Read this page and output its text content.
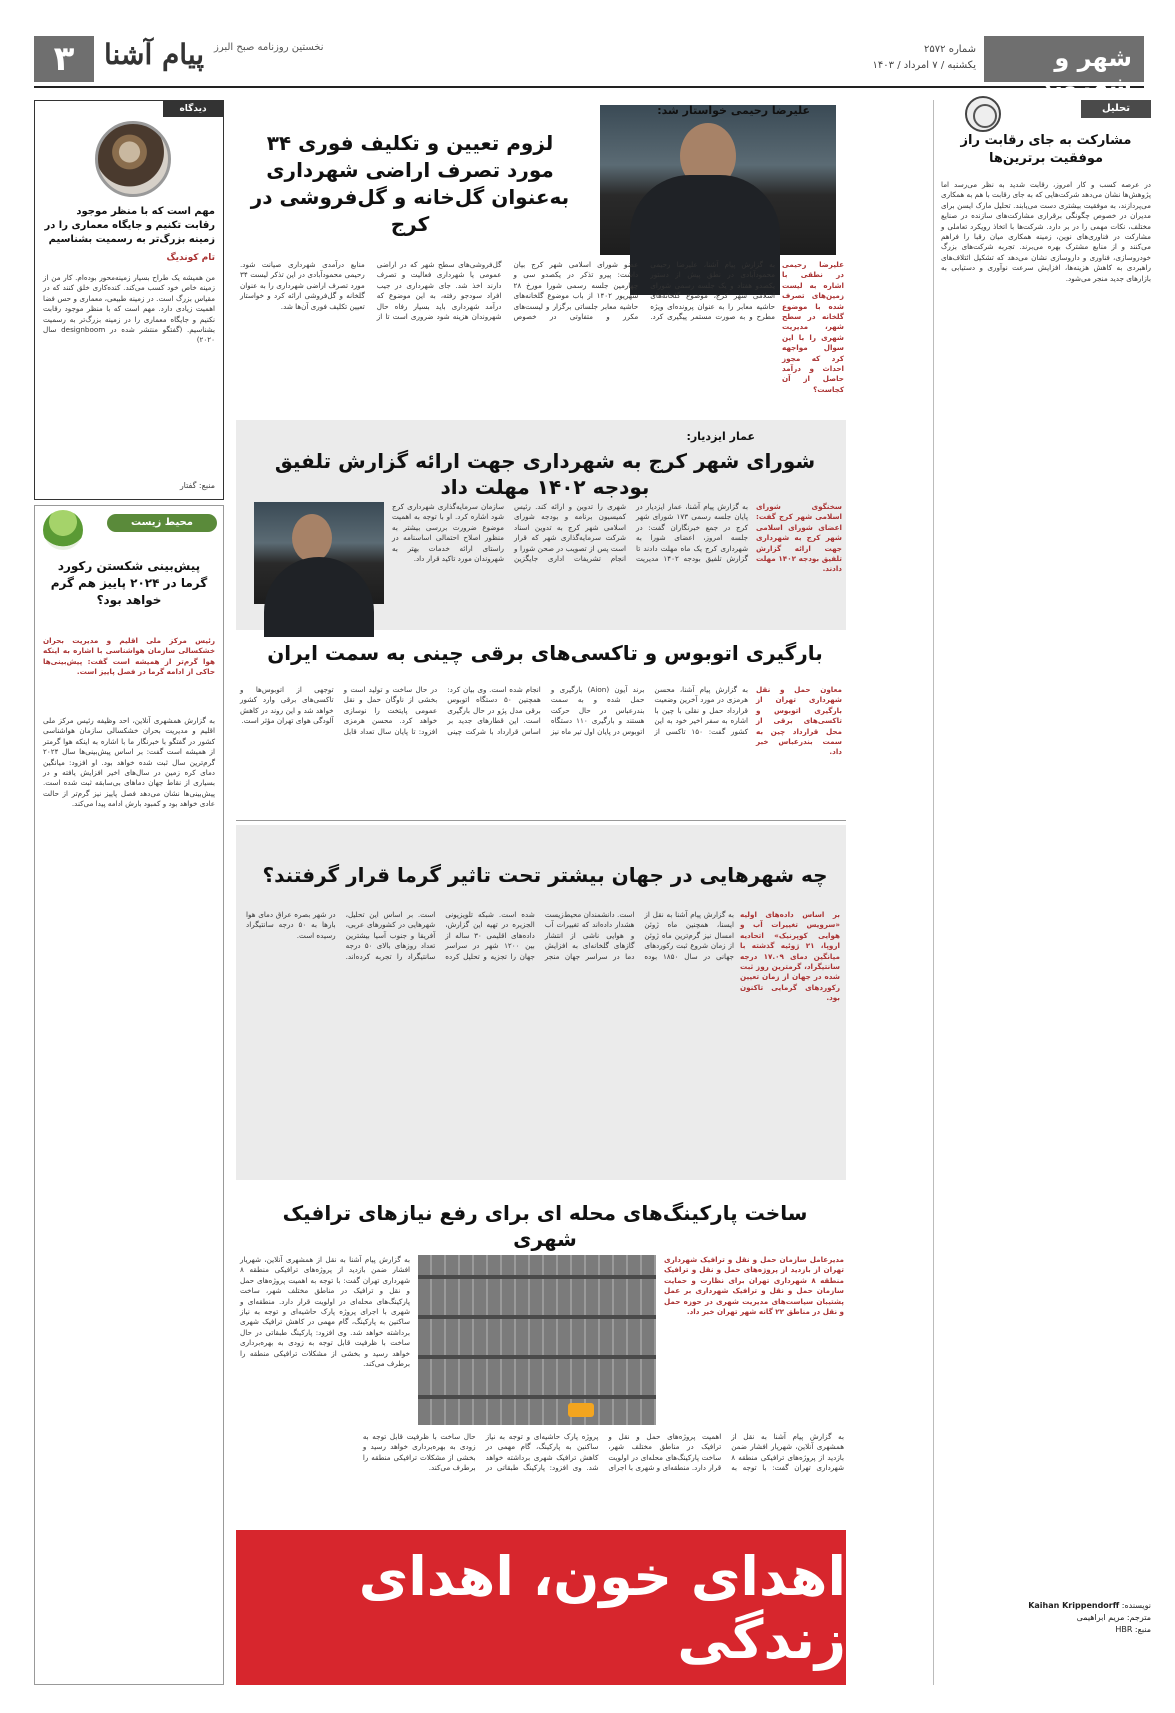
شهر و شهروند
شماره ۲۵۷۲
یکشنبه / ۷ امرداد / ۱۴۰۳
نخستین روزنامه صبح البرز
پیام آشنا
۳
تحلیل
مشارکت به جای رقابت راز موفقیت برترین‌ها
در عرصه کسب و کار امروز، رقابت شدید به نظر می‌رسد اما پژوهش‌ها نشان می‌دهد شرکت‌هایی که به جای رقابت با هم به همکاری می‌پردازند، به موفقیت بیشتری دست می‌یابند. تحلیل مارک ایسن برای مدیران در خصوص چگونگی برقراری مشارکت‌های سازنده در صنایع مختلف، نکات مهمی را در بر دارد. شرکت‌ها با اتخاذ رویکرد تعاملی و مشارکت در فناوری‌های نوین، زمینه همکاری میان رقبا را فراهم می‌کنند و از منابع مشترک بهره می‌برند. تجربه شرکت‌های بزرگ خودروسازی، فناوری و داروسازی نشان می‌دهد که تشکیل ائتلاف‌های راهبردی به کاهش هزینه‌ها، افزایش سرعت نوآوری و دستیابی به بازارهای جدید منجر می‌شود.
نویسنده: Kaihan Krippendorff
مترجم: مریم ابراهیمی
منبع: HBR
دیدگاه
مهم است که با منظر موجود رقابت تکنیم و جایگاه معماری را در زمینه بزرگ‌تر به رسمیت بشناسیم
تام کوندیگ
من همیشه یک طراح بسیار زمینه‌محور بوده‌ام. کار من از زمینه خاص خود کسب می‌کند. کنده‌کاری خلق کنند که در مقیاس بزرگ است. در زمینه طبیعی، معماری و حس فضا اهمیت زیادی دارد. مهم است که با منظر موجود رقابت نکنیم و جایگاه معماری را در زمینه بزرگ‌تر به رسمیت بشناسیم. (گفتگو منتشر شده در designboom سال ۲۰۲۰)
منبع: گفتار
محیط زیست
پیش‌بینی شکستن رکورد گرما در ۲۰۲۴ پاییز هم گرم خواهد بود؟
رئیس مرکز ملی اقلیم و مدیریت بحران خشکسالی سازمان هواشناسی با اشاره به اینکه هوا گرم‌تر از همیشه است گفت: پیش‌بینی‌ها حاکی از ادامه گرما در فصل پاییز است.
به گزارش همشهری آنلاین، احد وظیفه رئیس مرکز ملی اقلیم و مدیریت بحران خشکسالی سازمان هواشناسی کشور در گفتگو با خبرنگار ما با اشاره به اینکه هوا گرمتر از همیشه است گفت: بر اساس پیش‌بینی‌ها سال ۲۰۲۴ گرم‌ترین سال ثبت شده خواهد بود. او افزود: میانگین دمای کره زمین در سال‌های اخیر افزایش یافته و در بسیاری از نقاط جهان دماهای بی‌سابقه ثبت شده است. پیش‌بینی‌ها نشان می‌دهد فصل پاییز نیز گرم‌تر از حالت عادی خواهد بود و کمبود بارش ادامه پیدا می‌کند.
علیرضا رحیمی خواستار شد:
لزوم تعیین و تکلیف فوری ۳۴ مورد تصرف اراضی شهرداری به‌عنوان گل‌خانه و گل‌فروشی در کرج
علیرضا رحیمی در نطقی با اشاره به لیست زمین‌های تصرف شده با موضوع گلخانه در سطح شهر، مدیریت شهری را با این سوال مواجهه کرد که مجوز احداث و درآمد حاصل از آن کجاست؟
به گزارش پیام آشنا، علیرضا رحیمی محمودآبادی در نطق پیش از دستور یکصدو هفتاد و یک جلسه رسمی شورای اسلامی شهر کرج، موضوع گلخانه‌های حاشیه معابر را به عنوان پرونده‌ای ویژه مطرح و به صورت مستمر پیگیری کرد. عضو شورای اسلامی شهر کرج بیان داشت: پیرو تذکر در یکصدو سی و چهارمین جلسه رسمی شورا مورخ ۲۸ شهریور ۱۴۰۲ از باب موضوع گلخانه‌های حاشیه معابر جلساتی برگزار و لیست‌های مکرر و متفاوتی در خصوص گل‌فروشی‌های سطح شهر که در اراضی عمومی یا شهرداری فعالیت و تصرف دارند اخذ شد. جای شهرداری در جیب افراد سودجو رفته، به این موضوع که درآمد شهرداری باید بسیار رفاه حال شهروندان هزینه شود ضروری است تا از منابع درآمدی شهرداری صیانت شود. رحیمی محمودآبادی در این تذکر لیست ۳۴ مورد تصرف اراضی شهرداری را به عنوان گلخانه و گل‌فروشی ارائه کرد و خواستار تعیین تکلیف فوری آن‌ها شد.
عمار ایزدیار:
شورای شهر کرج به شهرداری جهت ارائه گزارش تلفیق بودجه ۱۴۰۲ مهلت داد
سخنگوی شورای اسلامی شهر کرج گفت: اعضای شورای اسلامی شهر کرج به شهرداری جهت ارائه گزارش تلفیق بودجه ۱۴۰۲ مهلت دادند.
به گزارش پیام آشنا، عمار ایزدیار در پایان جلسه رسمی ۱۷۳ شورای شهر کرج در جمع خبرنگاران گفت: در جلسه امروز، اعضای شورا به شهرداری کرج یک ماه مهلت دادند تا گزارش تلفیق بودجه ۱۴۰۲ مدیریت شهری را تدوین و ارائه کند. رئیس کمیسیون برنامه و بودجه شورای اسلامی شهر کرج به تدوین اسناد شرکت سرمایه‌گذاری شهر که قرار است پس از تصویب در صحن شورا و انجام تشریفات اداری جایگزین سازمان سرمایه‌گذاری شهرداری کرج شود اشاره کرد. او با توجه به اهمیت موضوع ضرورت بررسی بیشتر به منظور اصلاح احتمالی اساسنامه در راستای ارائه خدمات بهتر به شهروندان مورد تاکید قرار داد.
بارگیری اتوبوس و تاکسی‌های برقی چینی به سمت ایران
معاون حمل و نقل شهرداری تهران از بارگیری اتوبوس و تاکسی‌های برقی از محل قرارداد چین به سمت بندرعباس خبر داد.
به گزارش پیام آشنا، محسن هرمزی در مورد آخرین وضعیت قرارداد حمل و نقلی با چین با اشاره به سفر اخیر خود به این کشور گفت: ۱۵۰ تاکسی از برند آیون (Aion) بارگیری و حمل شده و به سمت بندرعباس در حال حرکت هستند و بارگیری ۱۱۰ دستگاه اتوبوس در پایان اول تیر ماه نیز انجام شده است. وی بیان کرد: همچنین ۵۰ دستگاه اتوبوس برقی مدل پژو در حال بارگیری است. این قطارهای جدید بر اساس قرارداد با شرکت چینی در حال ساخت و تولید است و بخشی از ناوگان حمل و نقل عمومی پایتخت را نوسازی خواهد کرد. محسن هرمزی افزود: تا پایان سال تعداد قابل توجهی از اتوبوس‌ها و تاکسی‌های برقی وارد کشور خواهد شد و این روند در کاهش آلودگی هوای تهران مؤثر است.
چه شهرهایی در جهان بیشتر تحت تاثیر گرما قرار گرفتند؟
بر اساس داده‌های اولیه «سرویس تغییرات آب و هوایی کوپرنیک» اتحادیه اروپا، ۲۱ ژوئیه گذشته با میانگین دمای ۱۷.۰۹ درجه سانتیگراد، گرمترین روز ثبت شده در جهان از زمان تعیین رکوردهای گرمایی تاکنون بود.
به گزارش پیام آشنا به نقل از ایسنا، همچنین ماه ژوئن امسال نیز گرم‌ترین ماه ژوئن از زمان شروع ثبت رکوردهای جهانی در سال ۱۸۵۰ بوده است. دانشمندان محیط‌زیست هشدار داده‌اند که تغییرات آب و هوایی ناشی از انتشار گازهای گلخانه‌ای به افزایش دما در سراسر جهان منجر شده است. شبکه تلویزیونی الجزیره در تهیه این گزارش، داده‌های اقلیمی ۳۰ ساله از بین ۱۲۰۰ شهر در سراسر جهان را تجزیه و تحلیل کرده است. بر اساس این تحلیل، شهرهایی در کشورهای عربی، آفریقا و جنوب آسیا بیشترین تعداد روزهای بالای ۵۰ درجه سانتیگراد را تجربه کرده‌اند. در شهر بصره عراق دمای هوا بارها به ۵۰ درجه سانتیگراد رسیده است.
ساخت پارکینگ‌های محله ای برای رفع نیازهای ترافیک شهری
مدیرعامل سازمان حمل و نقل و ترافیک شهرداری تهران از بازدید از پروژه‌های حمل و نقل و ترافیک منطقه ۸ شهرداری تهران برای نظارت و حمایت سازمان حمل و نقل و ترافیک شهرداری بر عمل پشتیبان سیاست‌های مدیریت شهری در حوزه حمل و نقل در مناطق ۲۲ گانه شهر تهران خبر داد.
به گزارش پیام آشنا به نقل از همشهری آنلاین، شهریار افشار ضمن بازدید از پروژه‌های ترافیکی منطقه ۸ شهرداری تهران گفت: با توجه به اهمیت پروژه‌های حمل و نقل و ترافیک در مناطق مختلف شهر، ساخت پارکینگ‌های محله‌ای در اولویت قرار دارد. منطقه‌ای و شهری با اجرای پروژه پارک حاشیه‌ای و توجه به نیاز ساکنین به پارکینگ، گام مهمی در کاهش ترافیک شهری برداشته خواهد شد. وی افزود: پارکینگ طبقاتی در حال ساخت با ظرفیت قابل توجه به زودی به بهره‌برداری خواهد رسید و بخشی از مشکلات ترافیکی منطقه را برطرف می‌کند.
به گزارش پیام آشنا به نقل از همشهری آنلاین، شهریار افشار ضمن بازدید از پروژه‌های ترافیکی منطقه ۸ شهرداری تهران گفت: با توجه به اهمیت پروژه‌های حمل و نقل و ترافیک در مناطق مختلف شهر، ساخت پارکینگ‌های محله‌ای در اولویت قرار دارد. منطقه‌ای و شهری با اجرای پروژه پارک حاشیه‌ای و توجه به نیاز ساکنین به پارکینگ، گام مهمی در کاهش ترافیک شهری برداشته خواهد شد. وی افزود: پارکینگ طبقاتی در حال ساخت با ظرفیت قابل توجه به زودی به بهره‌برداری خواهد رسید و بخشی از مشکلات ترافیکی منطقه را برطرف می‌کند.
اهدای خون، اهدای زندگی
